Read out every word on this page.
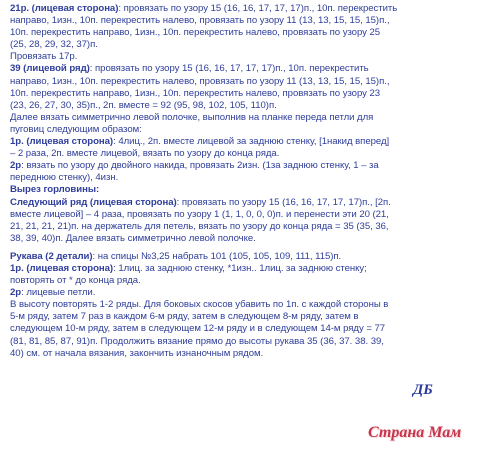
21р. (лицевая сторона): провязать по узору 15 (16, 16, 17, 17, 17)п., 10п. перекрестить
направо, 1изн., 10п. перекрестить налево, провязать по узору 11 (13, 13, 15, 15, 15)п.,
10п. перекрестить направо, 1изн., 10п. перекрестить налево, провязать по узору 25
(25, 28, 29, 32, 37)п.
Провязать 17р.
39 (лицевой ряд): провязать по узору 15 (16, 16, 17, 17, 17)п., 10п. перекрестить
направо, 1изн., 10п. перекрестить налево, провязать по узору 11 (13, 13, 15, 15, 15)п.,
10п. перекрестить направо, 1изн., 10п. перекрестить налево, провязать по узору 23
(23, 26, 27, 30, 35)п., 2п. вместе = 92 (95, 98, 102, 105, 110)п.
Далее вязать симметрично левой полочке, выполнив на планке переда петли для
пуговиц следующим образом:
1р. (лицевая сторона): 4лиц., 2п. вместе лицевой за заднюю стенку, [1накид вперед]
– 2 раза, 2п. вместе лицевой, вязать по узору до конца ряда.
2р: вязать по узору до двойного накида, провязать 2изн. (1за заднюю стенку, 1 – за
переднюю стенку), 4изн.
Вырез горловины:
Следующий ряд (лицевая сторона): провязать по узору 15 (16, 16, 17, 17, 17)п., [2п.
вместе лицевой] – 4 раза, провязать по узору 1 (1, 1, 0, 0, 0)п. и перенести эти 20 (21,
21, 21, 21, 21)п. на держатель для петель, вязать по узору до конца ряда = 35 (35, 36,
38, 39, 40)п. Далее вязать симметрично левой полочке.
Рукава (2 детали): на спицы №3,25 набрать 101 (105, 105, 109, 111, 115)п.
1р. (лицевая сторона): 1лиц. за заднюю стенку, *1изн.. 1лиц. за заднюю стенку;
повторять от * до конца ряда.
2р: лицевые петли.
В высоту повторять 1-2 ряды. Для боковых скосов убавить по 1п. с каждой стороны в
5-м ряду, затем 7 раз в каждом 6-м ряду, затем в следующем 8-м ряду, затем в
следующем 10-м ряду, затем в следующем 12-м ряду и в следующем 14-м ряду = 77
(81, 81, 85, 87, 91)п. Продолжить вязание прямо до высоты рукава 35 (36, 37. 38. 39,
40) см. от начала вязания, закончить изнаночным рядом.
ДБ
Страна Мам
